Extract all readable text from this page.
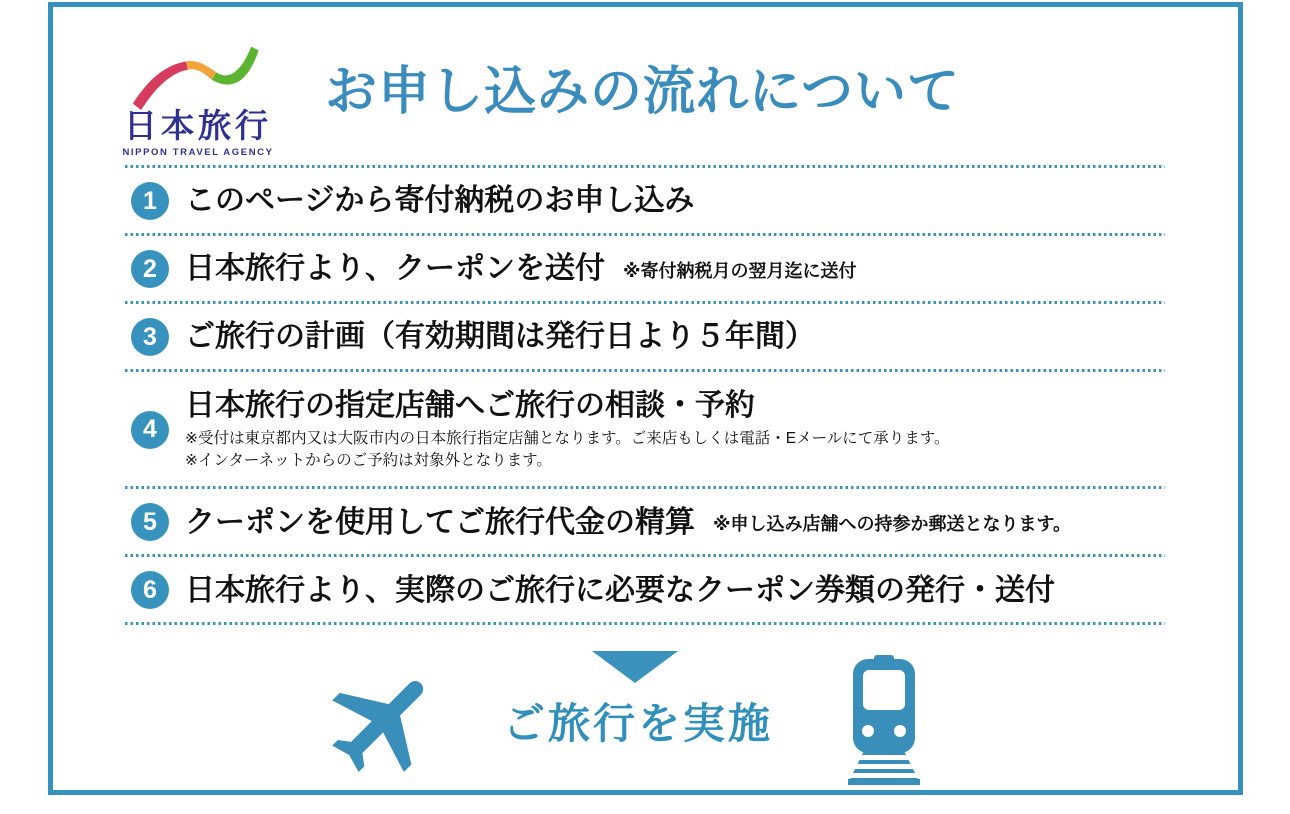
日本旅行
NIPPON TRAVEL AGENCY
お申し込みの流れについて
1 このページから寄付納税のお申し込み
2 日本旅行より、クーポンを送付 ※寄付納税月の翌月迄に送付
3 ご旅行の計画（有効期間は発行日より５年間）
4
日本旅行の指定店舗へご旅行の相談・予約
※受付は東京都内又は大阪市内の日本旅行指定店舗となります。ご来店もしくは電話・Eメールにて承ります。
※インターネットからのご予約は対象外となります。
5 クーポンを使用してご旅行代金の精算 ※申し込み店舗への持参か郵送となります。
6 日本旅行より、実際のご旅行に必要なクーポン券類の発行・送付
ご旅行を実施
